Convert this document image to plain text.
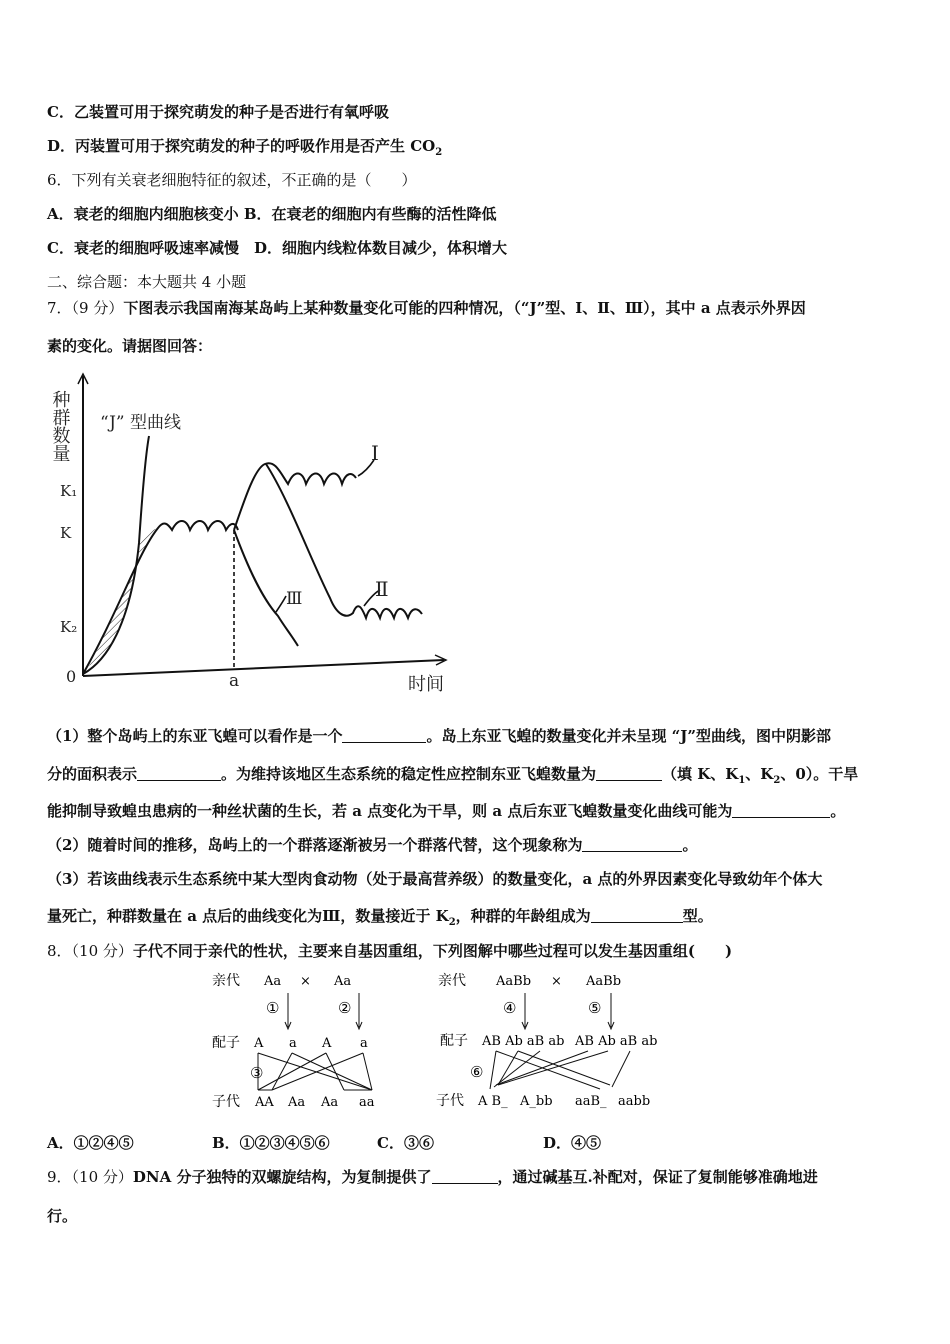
C．乙装置可用于探究萌发的种子是否进行有氧呼吸
D．丙装置可用于探究萌发的种子的呼吸作用是否产生 $CO_2$
6．下列有关衰老细胞特征的叙述，不正确的是（　　）
A．衰老的细胞内细胞核变小 B．在衰老的细胞内有些酶的活性降低
C．衰老的细胞呼吸速率减慢　 D．细胞内线粒体数目减少，体积增大
二、综合题：本大题共 4 小题
7．（9 分）下图表示我国南海某岛屿上某种数量变化可能的四种情况，（“J”型、Ⅰ、Ⅱ、Ⅲ），其中 a 点表示外界因
素的变化。请据图回答：
种群数量
K₁
K
K₂
0	a	时间
“J” 型曲线
Ⅰ
Ⅱ
Ⅲ
（1）整个岛屿上的东亚飞蝗可以看作是一个	。岛上东亚飞蝗的数量变化并未呈现 “J”型曲线，图中阴影部
分的面积表示	。为维持该地区生态系统的稳定性应控制东亚飞蝗数量为	（填 K、$K_1$、$K_2$、0）。干旱
能抑制导致蝗虫患病的一种丝状菌的生长，若 a 点变化为干旱，则 a 点后东亚飞蝗数量变化曲线可能为	。
（2）随着时间的推移，岛屿上的一个群落逐渐被另一个群落代替，这个现象称为	。
（3）若该曲线表示生态系统中某大型肉食动物（处于最高营养级）的数量变化，a 点的外界因素变化导致幼年个体大
量死亡，种群数量在 a 点后的曲线变化为Ⅲ，数量接近于 $K_2$，种群的年龄组成为	型。
8．（10 分）子代不同于亲代的性状，主要来自基因重组，下列图解中哪些过程可以发生基因重组(　　)
亲代 Aa × Aa
①	②
配子 A a A a
③
子代 AA Aa Aa aa
亲代 AaBb × AaBb
④	⑤
配子 AB Ab aB ab AB Ab aB ab
⑥
子代 A B_ A_bb aaB_ aabb
A．①②④⑤	B．①②③④⑤⑥	C．③⑥	D．④⑤
9．（10 分）DNA 分子独特的双螺旋结构，为复制提供了	，通过碱基互.补配对，保证了复制能够准确地进
行。
